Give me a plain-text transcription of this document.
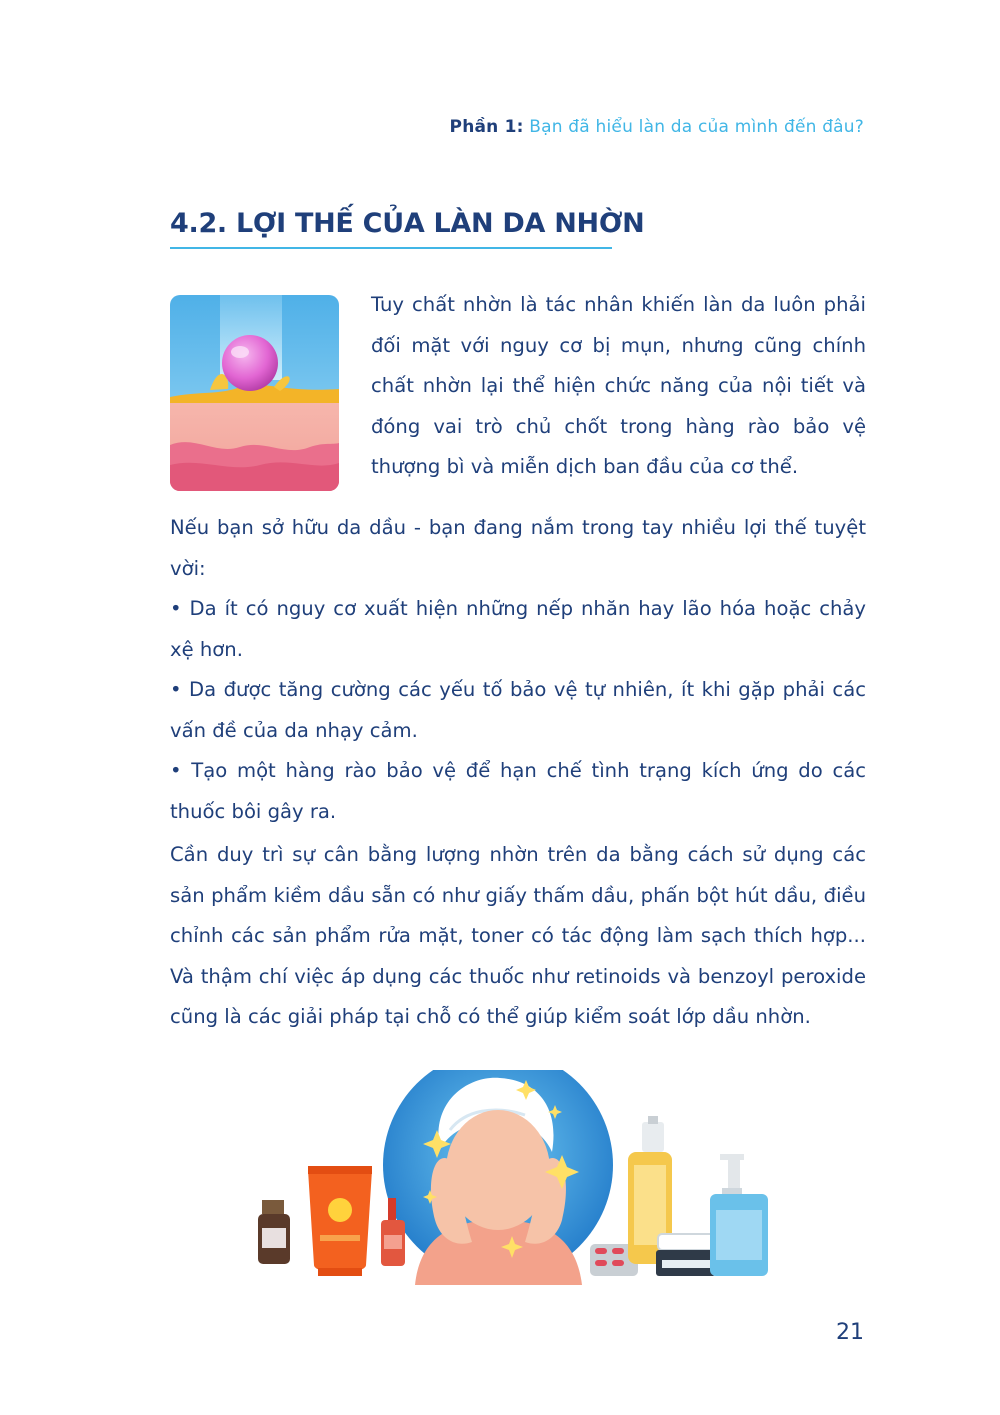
Phần 1: Bạn đã hiểu làn da của mình đến đâu?
4.2. LỢI THẾ CỦA LÀN DA NHỜN

Tuy chất nhờn là tác nhân khiến làn da luôn phải đối mặt với nguy cơ bị mụn, nhưng cũng chính chất nhờn lại thể hiện chức năng của nội tiết và đóng vai trò chủ chốt trong hàng rào bảo vệ thượng bì và miễn dịch ban đầu của cơ thể.

Nếu bạn sở hữu da dầu - bạn đang nắm trong tay nhiều lợi thế tuyệt vời:

• Da ít có nguy cơ xuất hiện những nếp nhăn hay lão hóa hoặc chảy xệ hơn.

• Da được tăng cường các yếu tố bảo vệ tự nhiên, ít khi gặp phải các vấn đề của da nhạy cảm.

• Tạo một hàng rào bảo vệ để hạn chế tình trạng kích ứng do các thuốc bôi gây ra.

Cần duy trì sự cân bằng lượng nhờn trên da bằng cách sử dụng các sản phẩm kiềm dầu sẵn có như giấy thấm dầu, phấn bột hút dầu, điều chỉnh các sản phẩm rửa mặt, toner có tác động làm sạch thích hợp... Và thậm chí việc áp dụng các thuốc như retinoids và benzoyl peroxide cũng là các giải pháp tại chỗ có thể giúp kiểm soát lớp dầu nhờn.

21
